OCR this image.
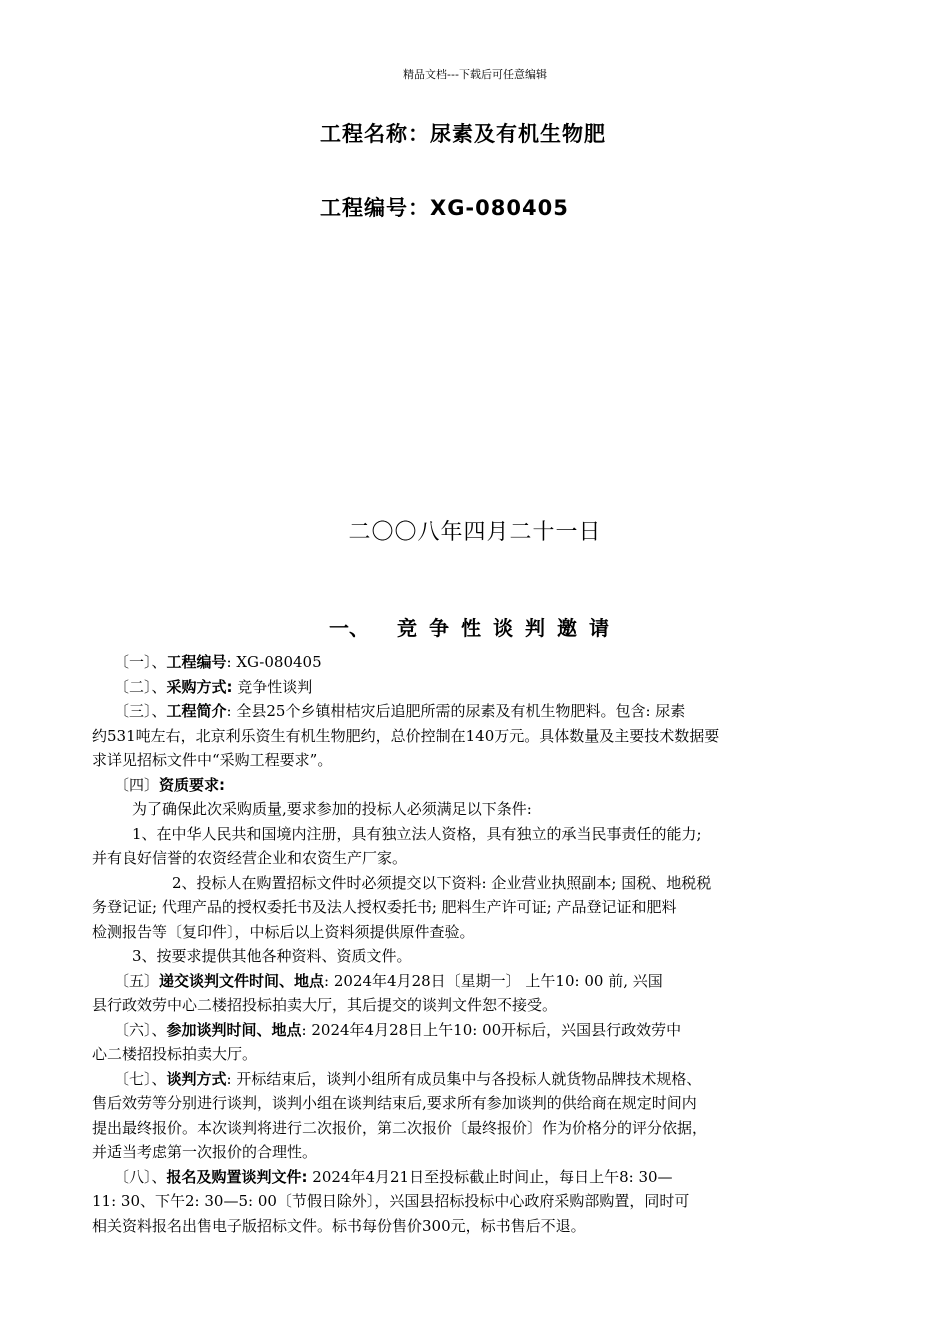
精品文档---下载后可任意编辑
工程名称：尿素及有机生物肥
工程编号：XG-080405
二〇〇八年四月二十一日
一、 竞争性谈判邀请

〔一〕、工程编号: XG-080405

〔二〕、采购方式: 竞争性谈判

〔三〕、工程简介: 全县25个乡镇柑桔灾后追肥所需的尿素及有机生物肥料。包含: 尿素

约531吨左右，北京利乐资生有机生物肥约，总价控制在140万元。具体数量及主要技术数据要

求详见招标文件中“采购工程要求”。

〔四〕资质要求:

为了确保此次采购质量,要求参加的投标人必须满足以下条件:

1、在中华人民共和国境内注册，具有独立法人资格，具有独立的承当民事责任的能力;

并有良好信誉的农资经营企业和农资生产厂家。

2、投标人在购置招标文件时必须提交以下资料: 企业营业执照副本; 国税、地税税

务登记证; 代理产品的授权委托书及法人授权委托书; 肥料生产许可证; 产品登记证和肥料

检测报告等〔复印件〕，中标后以上资料须提供原件查验。

3、按要求提供其他各种资料、资质文件。

〔五〕递交谈判文件时间、地点: 2024年4月28日〔星期一〕 上午10: 00 前, 兴国

县行政效劳中心二楼招投标拍卖大厅，其后提交的谈判文件恕不接受。

〔六〕、参加谈判时间、地点: 2024年4月28日上午10: 00开标后，兴国县行政效劳中

心二楼招投标拍卖大厅。

〔七〕、谈判方式: 开标结束后，谈判小组所有成员集中与各投标人就货物品牌技术规格、

售后效劳等分别进行谈判，谈判小组在谈判结束后,要求所有参加谈判的供给商在规定时间内

提出最终报价。本次谈判将进行二次报价，第二次报价〔最终报价〕作为价格分的评分依据，

并适当考虑第一次报价的合理性。

〔八〕、报名及购置谈判文件: 2024年4月21日至投标截止时间止，每日上午8: 30—

11: 30、下午2: 30—5: 00〔节假日除外〕，兴国县招标投标中心政府采购部购置，同时可

相关资料报名出售电子版招标文件。标书每份售价300元，标书售后不退。
